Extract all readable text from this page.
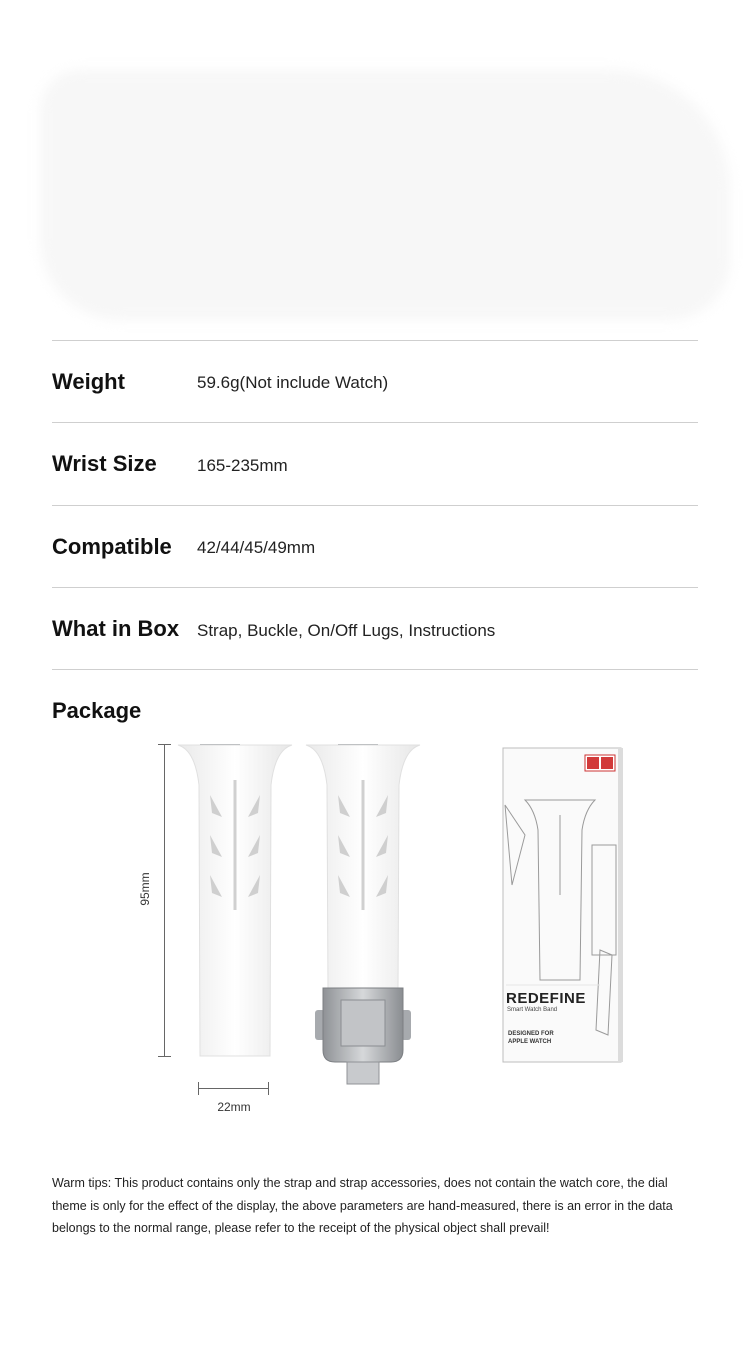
Weight	59.6g(Not include Watch)
Wrist Size 165-235mm
Compatible 42/44/45/49mm
What in Box Strap, Buckle, On/Off Lugs, Instructions
Package
95mm
22mm
REDEFINE
Smart Watch Band
DESIGNED FOR APPLE WATCH
Warm tips: This product contains only the strap and strap accessories, does not contain the watch core, the dial theme is only for the effect of the display, the above parameters are hand-measured, there is an error in the data belongs to the normal range, please refer to the receipt of the physical object shall prevail!
